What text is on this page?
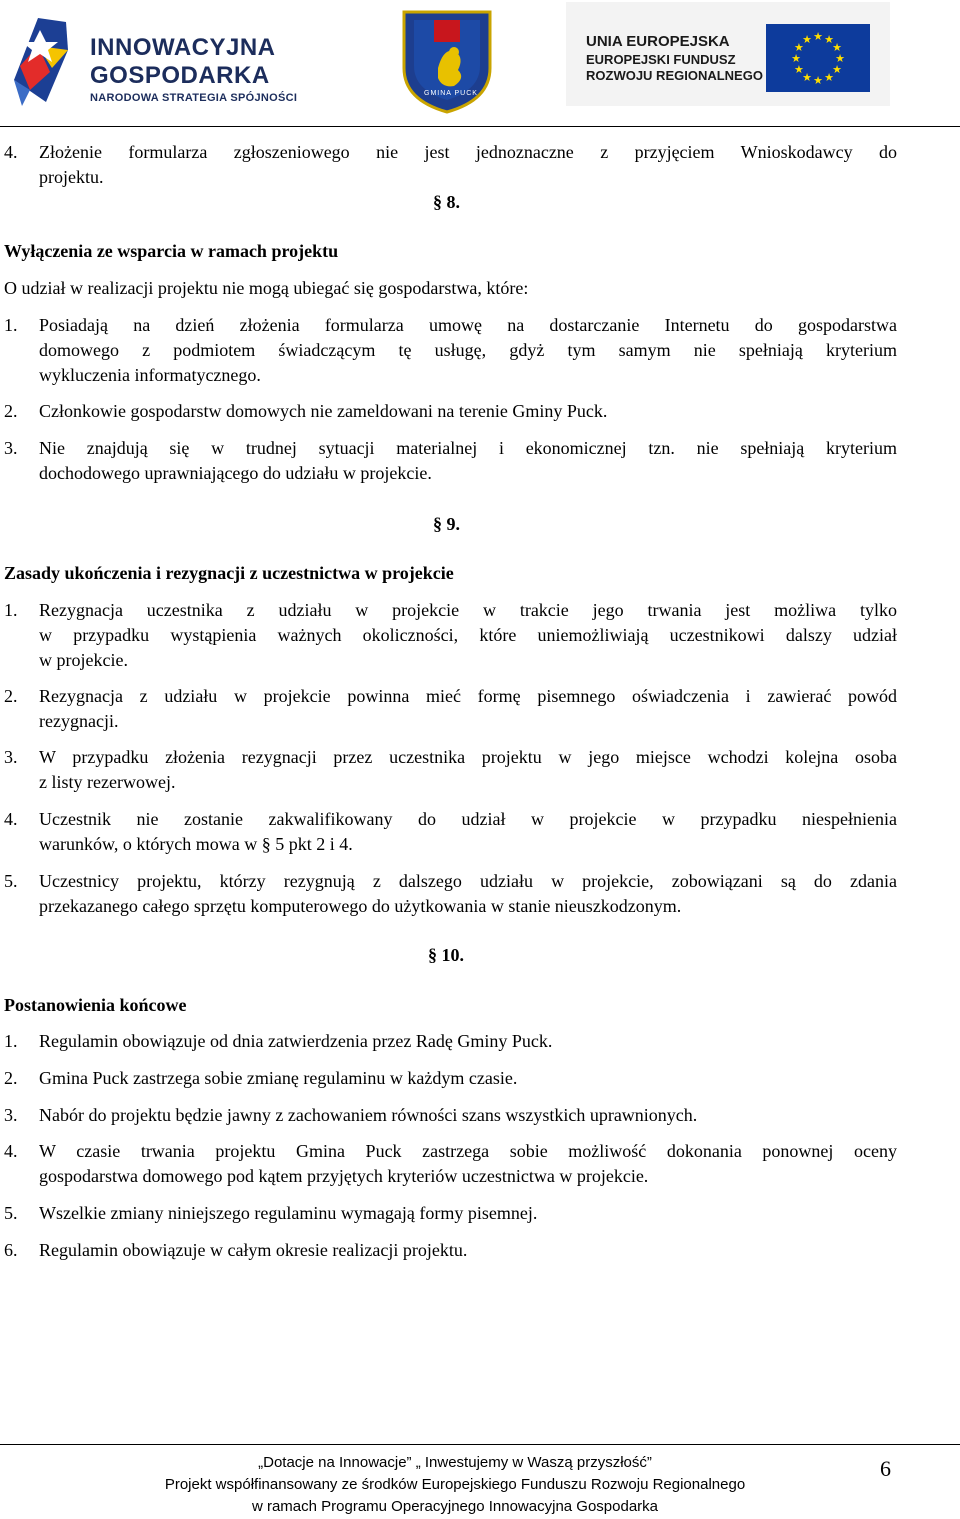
INNOWACYJNA
GOSPODARKA
NARODOWA STRATEGIA SPÓJNOŚCI	GMINA PUCK
UNIA EUROPEJSKA
EUROPEJSKI FUNDUSZ
ROZWOJU REGIONALNEGO
★ ★
★
★
★
★
★
★
★
★
★
★
4. Złożenie formularza zgłoszeniowego nie jest jednoznaczne z przyjęciem Wnioskodawcy do
projektu.
§ 8.
Wyłączenia ze wsparcia w ramach projektu
O udział w realizacji projektu nie mogą ubiegać się gospodarstwa, które:
1. Posiadają na dzień złożenia formularza umowę na dostarczanie Internetu do gospodarstwa
domowego z podmiotem świadczącym tę usługę, gdyż tym samym nie spełniają kryterium
wykluczenia informatycznego.
2. Członkowie gospodarstw domowych nie zameldowani na terenie Gminy Puck.
3. Nie znajdują się w trudnej sytuacji materialnej i ekonomicznej tzn. nie spełniają kryterium
dochodowego uprawniającego do udziału w projekcie.
§ 9.
Zasady ukończenia i rezygnacji z uczestnictwa w projekcie
1. Rezygnacja uczestnika z udziału w projekcie w trakcie jego trwania jest możliwa tylko
w przypadku wystąpienia ważnych okoliczności, które uniemożliwiają uczestnikowi dalszy udział
w projekcie.
2. Rezygnacja z udziału w projekcie powinna mieć formę pisemnego oświadczenia i zawierać powód
rezygnacji.
3. W przypadku złożenia rezygnacji przez uczestnika projektu w jego miejsce wchodzi kolejna osoba
z listy rezerwowej.
4. Uczestnik nie zostanie zakwalifikowany do udział w projekcie w przypadku niespełnienia
warunków, o których mowa w § 5 pkt 2 i 4.
5. Uczestnicy projektu, którzy rezygnują z dalszego udziału w projekcie, zobowiązani są do zdania
przekazanego całego sprzętu komputerowego do użytkowania w stanie nieuszkodzonym.
§ 10.
Postanowienia końcowe
1. Regulamin obowiązuje od dnia zatwierdzenia przez Radę Gminy Puck.
2. Gmina Puck zastrzega sobie zmianę regulaminu w każdym czasie.
3. Nabór do projektu będzie jawny z zachowaniem równości szans wszystkich uprawnionych.
4. W czasie trwania projektu Gmina Puck zastrzega sobie możliwość dokonania ponownej oceny
gospodarstwa domowego pod kątem przyjętych kryteriów uczestnictwa w projekcie.
5. Wszelkie zmiany niniejszego regulaminu wymagają formy pisemnej.
6. Regulamin obowiązuje w całym okresie realizacji projektu.
„Dotacje na Innowacje” „ Inwestujemy w Waszą przyszłość”
Projekt współfinansowany ze środków Europejskiego Funduszu Rozwoju Regionalnego
w ramach Programu Operacyjnego Innowacyjna Gospodarka
6
